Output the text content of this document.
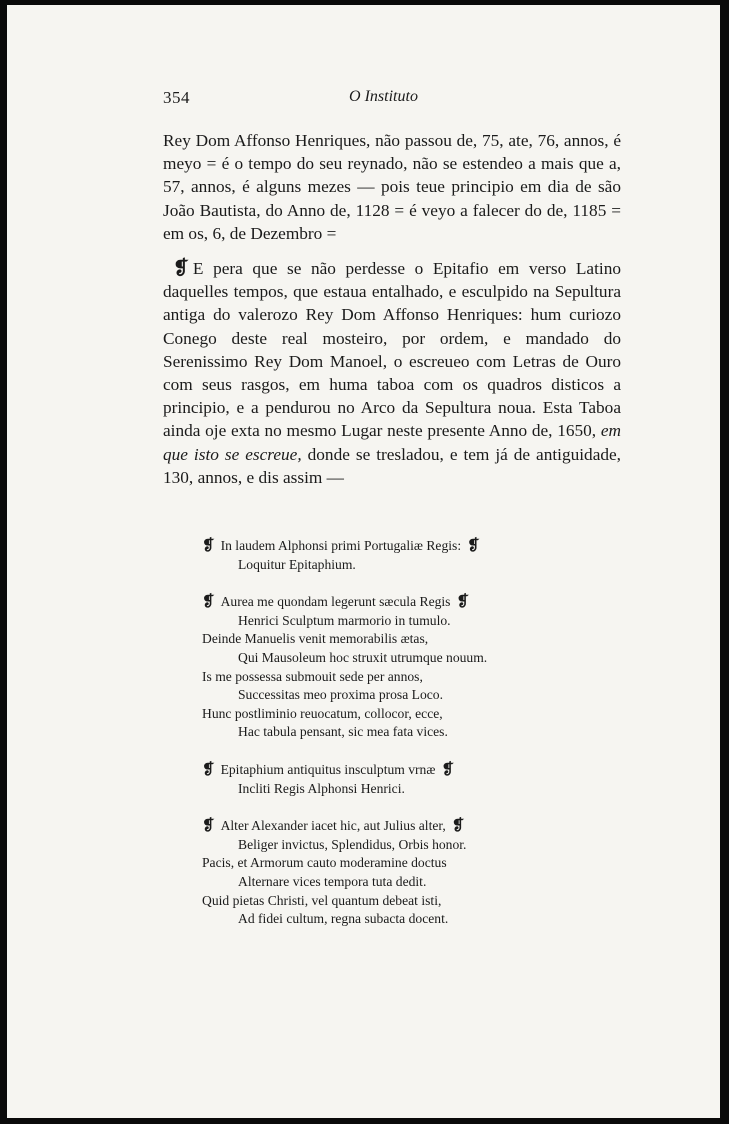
354	O Instituto

Rey Dom Affonso Henriques, não passou de, 75, ate, 76, annos, é meyo = é o tempo do seu reynado, não se estendeo a mais que a, 57, annos, é alguns mezes — pois teue principio em dia de são João Bautista, do Anno de, 1128 = é veyo a falecer do de, 1185 = em os, 6, de Dezembro =

❡ E pera que se não perdesse o Epitafio em verso Latino daquelles tempos, que estaua entalhado, e esculpido na Sepultura antiga do valerozo Rey Dom Affonso Henriques: hum curiozo Conego deste real mosteiro, por ordem, e mandado do Serenissimo Rey Dom Manoel, o escreueo com Letras de Ouro com seus rasgos, em huma taboa com os quadros disticos a principio, e a pendurou no Arco da Sepultura noua. Esta Taboa ainda oje exta no mesmo Lugar neste presente Anno de, 1650, em que isto se escreue, donde se tresladou, e tem já de antiguidade, 130, annos, e dis assim —

❡ In laudem Alphonsi primi Portugaliæ Regis: ❡
Loquitur Epitaphium.
❡ Aurea me quondam legerunt sæcula Regis ❡
Henrici Sculptum marmorio in tumulo.
Deinde Manuelis venit memorabilis ætas,
Qui Mausoleum hoc struxit utrumque nouum.
Is me possessa submouit sede per annos,
Successitas meo proxima prosa Loco.
Hunc postliminio reuocatum, collocor, ecce,
Hac tabula pensant, sic mea fata vices.
❡ Epitaphium antiquitus insculptum vrnæ ❡
Incliti Regis Alphonsi Henrici.
❡ Alter Alexander iacet hic, aut Julius alter, ❡
Beliger invictus, Splendidus, Orbis honor.
Pacis, et Armorum cauto moderamine doctus
Alternare vices tempora tuta dedit.
Quid pietas Christi, vel quantum debeat isti,
Ad fidei cultum, regna subacta docent.
